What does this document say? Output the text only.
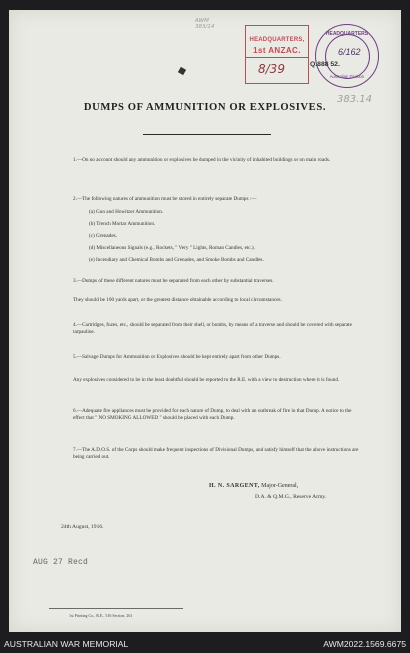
AWM 383/14
383.14
HEADQUARTERS,
1st ANZAC.
8/39
HEADQUARTERS
6/162
Australian Division
Q.888 52.
DUMPS OF AMMUNITION OR EXPLOSIVES.
1.—On no account should any ammunition or explosives be dumped in the vicinity of inhabited buildings or on main roads.
2.—The following natures of ammunition must be stored in entirely separate Dumps :—
(a) Gun and Howitzer Ammunition.
(b) Trench Mortar Ammunition.
(c) Grenades.
(d) Miscellaneous Signals (e.g., Rockets, " Very " Lights, Roman Candles, etc.).
(e) Incendiary and Chemical Bombs and Grenades, and Smoke Bombs and Candles.
3.—Dumps of these different natures must be separated from each other by substantial traverses.
They should be 100 yards apart, or the greatest distance obtainable according to local circumstances.
4.—Cartridges, fuzes, etc., should be separated from their shell, or bombs, by means of a traverse and should be covered with separate tarpauline.
5.—Salvage Dumps for Ammunition or Explosives should be kept entirely apart from other Dumps.
Any explosives considered to be in the least doubtful should be reported to the R.E. with a view to destruction where it is found.
6.—Adequate fire appliances must be provided for each nature of Dump, to deal with an outbreak of fire in that Dump. A notice to the effect that " NO SMOKING ALLOWED " should be placed with each Dump.
7.—The A.D.O.S. of the Corps should make frequent inspections of Divisional Dumps, and satisfy himself that the above instructions are being carried out.
H. N. SARGENT, Major-General,
D.A. & Q.M.G., Reserve Army.
24th August, 1916.
AUG 27 Recd
1st Printing Co., R.E., 516 Section. 261
AUSTRALIAN WAR MEMORIAL	AWM2022.1569.6675
